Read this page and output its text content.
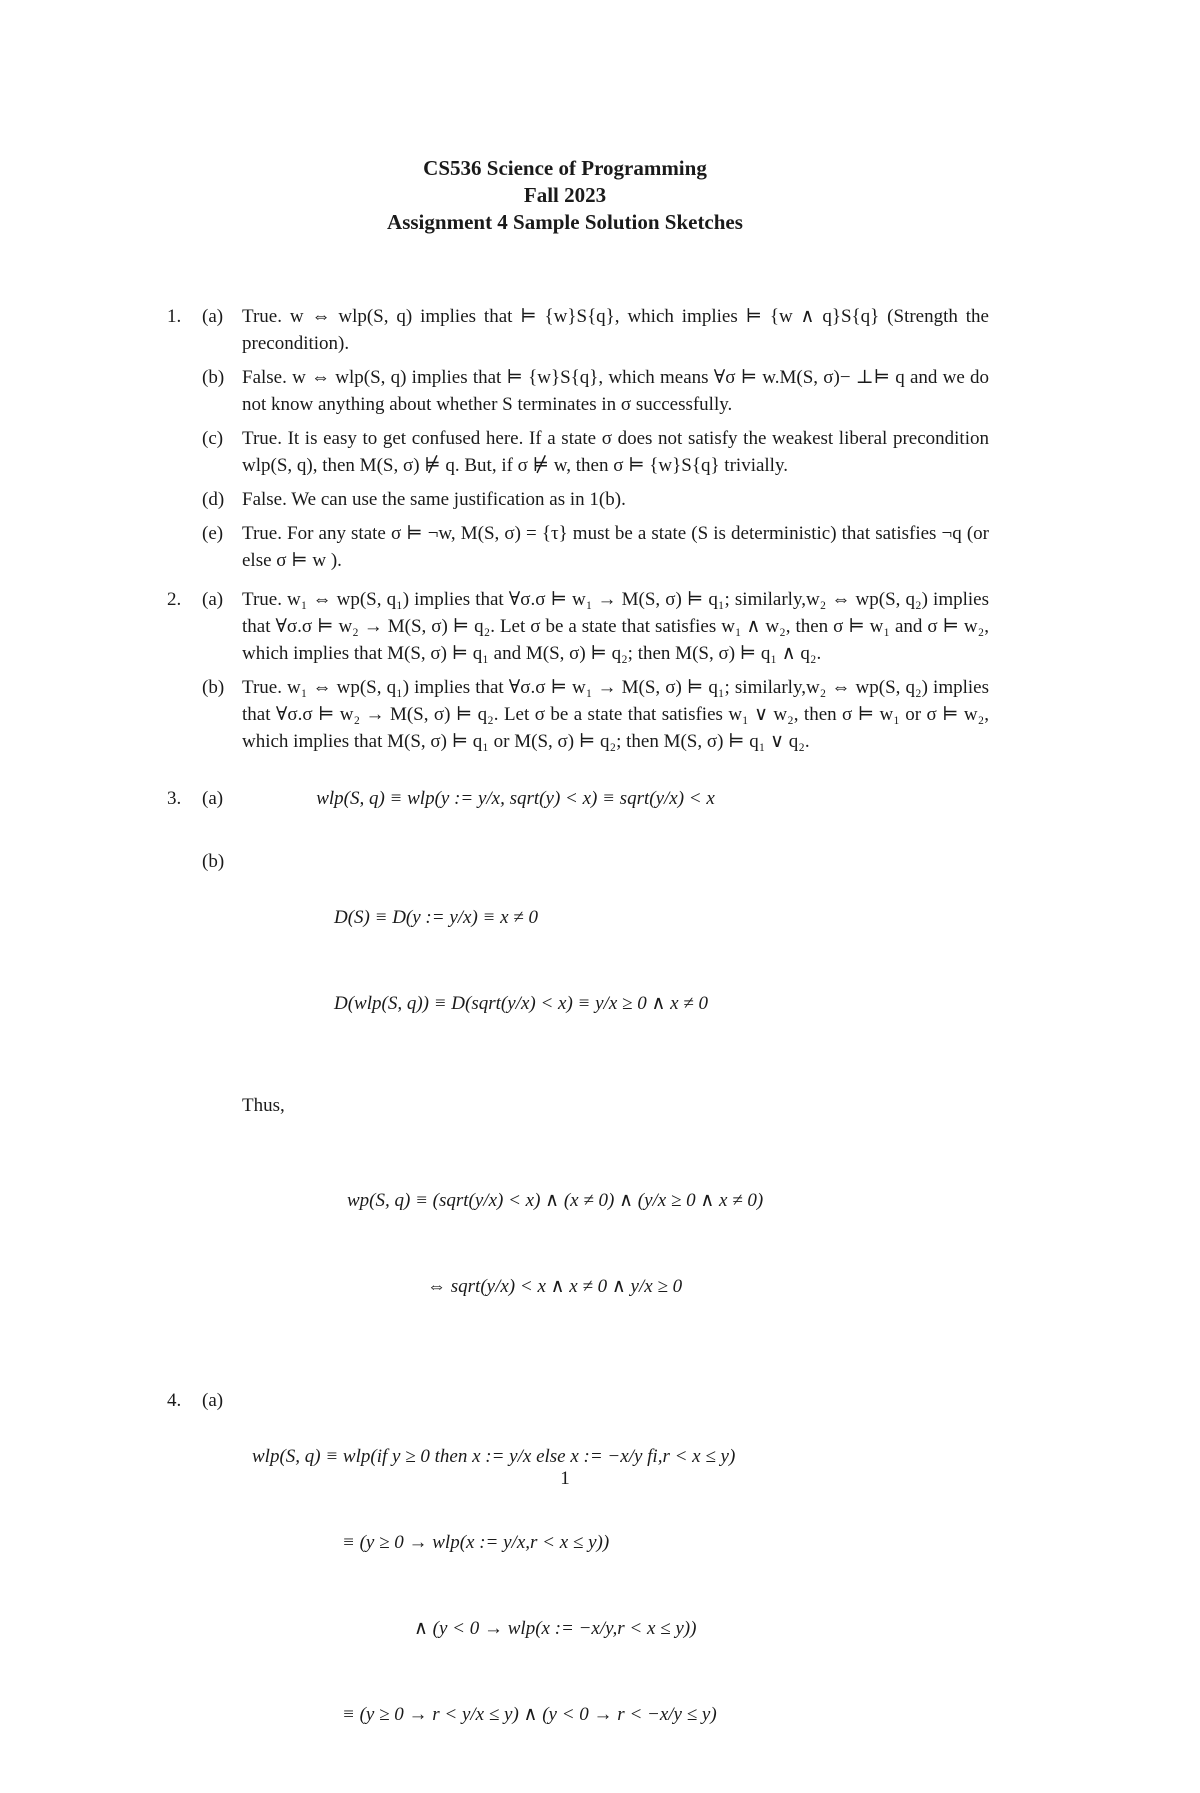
CS536 Science of Programming
Fall 2023
Assignment 4 Sample Solution Sketches
1. (a) True. w ⇔ wlp(S, q) implies that ⊨ {w}S{q}, which implies ⊨ {w ∧ q}S{q} (Strength the precondition).
(b) False. w ⇔ wlp(S, q) implies that ⊨ {w}S{q}, which means ∀σ ⊨ w.M(S, σ)− ⊥⊨ q and we do not know anything about whether S terminates in σ successfully.
(c) True. It is easy to get confused here. If a state σ does not satisfy the weakest liberal precondition wlp(S, q), then M(S, σ) ⊭ q. But, if σ ⊭ w, then σ ⊨ {w}S{q} trivially.
(d) False. We can use the same justification as in 1(b).
(e) True. For any state σ ⊨ ¬w, M(S, σ) = {τ} must be a state (S is deterministic) that satisfies ¬q (or else σ ⊨ w ).
2. (a) True. w₁ ⇔ wp(S, q₁) implies that ∀σ.σ ⊨ w₁ → M(S, σ) ⊨ q₁; similarly,w₂ ⇔ wp(S, q₂) implies that ∀σ.σ ⊨ w₂ → M(S, σ) ⊨ q₂. Let σ be a state that satisfies w₁ ∧ w₂, then σ ⊨ w₁ and σ ⊨ w₂, which implies that M(S, σ) ⊨ q₁ and M(S, σ) ⊨ q₂; then M(S, σ) ⊨ q₁ ∧ q₂.
(b) True. w₁ ⇔ wp(S, q₁) implies that ∀σ.σ ⊨ w₁ → M(S, σ) ⊨ q₁; similarly,w₂ ⇔ wp(S, q₂) implies that ∀σ.σ ⊨ w₂ → M(S, σ) ⊨ q₂. Let σ be a state that satisfies w₁ ∨ w₂, then σ ⊨ w₁ or σ ⊨ w₂, which implies that M(S, σ) ⊨ q₁ or M(S, σ) ⊨ q₂; then M(S, σ) ⊨ q₁ ∨ q₂.
3. (a)	wlp(S, q) ≡ wlp(y := y/x, sqrt(y) < x) ≡ sqrt(y/x) < x
(b)

D(S) ≡ D(y := y/x) ≡ x ≠ 0

D(wlp(S, q)) ≡ D(sqrt(y/x) < x) ≡ y/x ≥ 0 ∧ x ≠ 0

Thus,

wp(S, q) ≡ (sqrt(y/x) < x) ∧ (x ≠ 0) ∧ (y/x ≥ 0 ∧ x ≠ 0)

⇔ sqrt(y/x) < x ∧ x ≠ 0 ∧ y/x ≥ 0

4. (a)

wlp(S, q) ≡ wlp(if y ≥ 0 then x := y/x else x := −x/y fi,r < x ≤ y)

≡ (y ≥ 0 → wlp(x := y/x,r < x ≤ y))

∧ (y < 0 → wlp(x := −x/y,r < x ≤ y))

≡ (y ≥ 0 → r < y/x ≤ y) ∧ (y < 0 → r < −x/y ≤ y)

1
